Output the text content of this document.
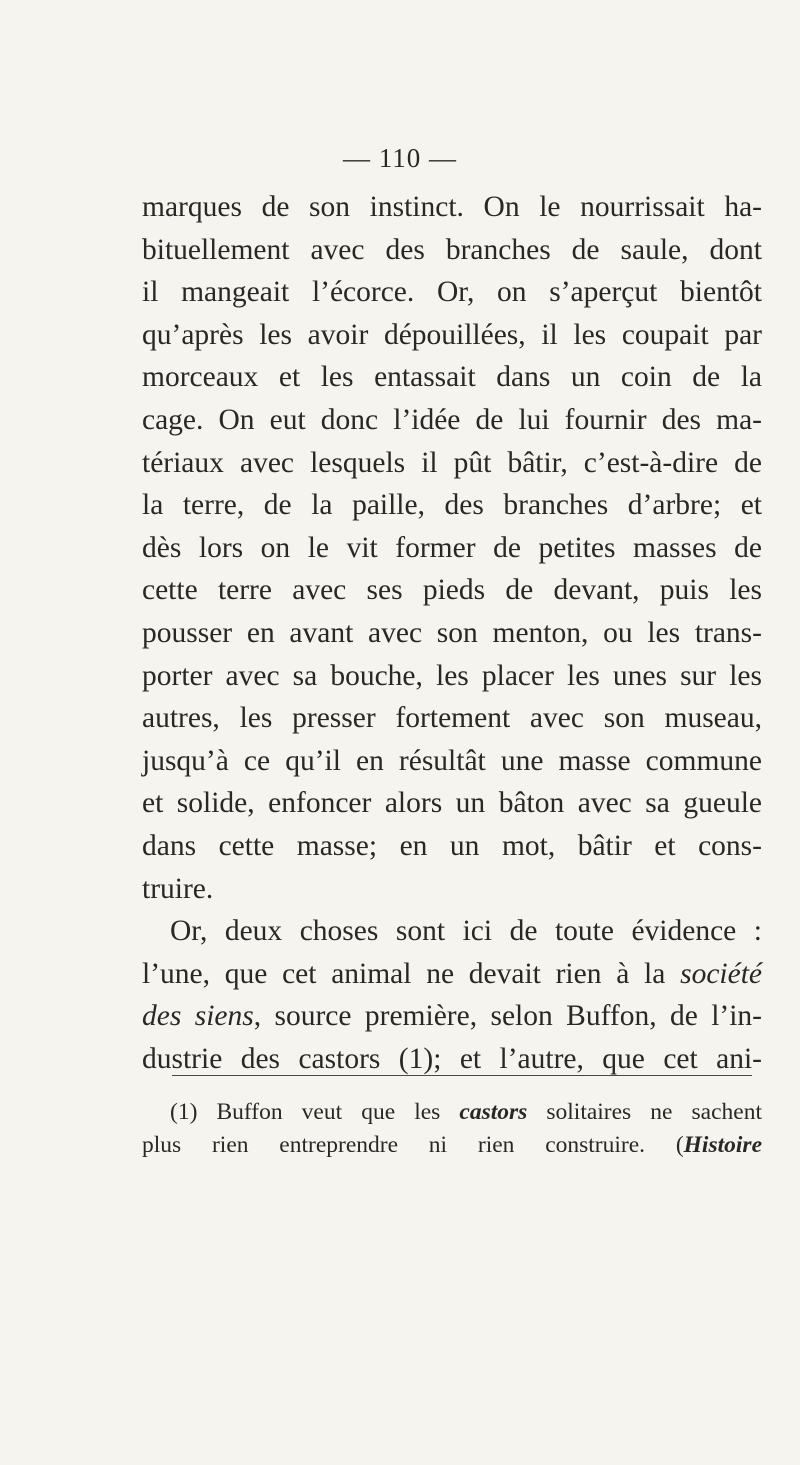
— 110 —
marques de son instinct. On le nourrissait ha-
bituellement avec des branches de saule, dont
il mangeait l’écorce. Or, on s’aperçut bientôt
qu’après les avoir dépouillées, il les coupait par
morceaux et les entassait dans un coin de la
cage. On eut donc l’idée de lui fournir des ma-
tériaux avec lesquels il pût bâtir, c’est-à-dire de
la terre, de la paille, des branches d’arbre; et
dès lors on le vit former de petites masses de
cette terre avec ses pieds de devant, puis les
pousser en avant avec son menton, ou les trans-
porter avec sa bouche, les placer les unes sur les
autres, les presser fortement avec son museau,
jusqu’à ce qu’il en résultât une masse commune
et solide, enfoncer alors un bâton avec sa gueule
dans cette masse; en un mot, bâtir et cons-
truire.
Or, deux choses sont ici de toute évidence :
l’une, que cet animal ne devait rien à la société
des siens, source première, selon Buffon, de l’in-
dustrie des castors (1); et l’autre, que cet ani-
(1) Buffon veut que les castors solitaires ne sachent
plus rien entreprendre ni rien construire. (Histoire
